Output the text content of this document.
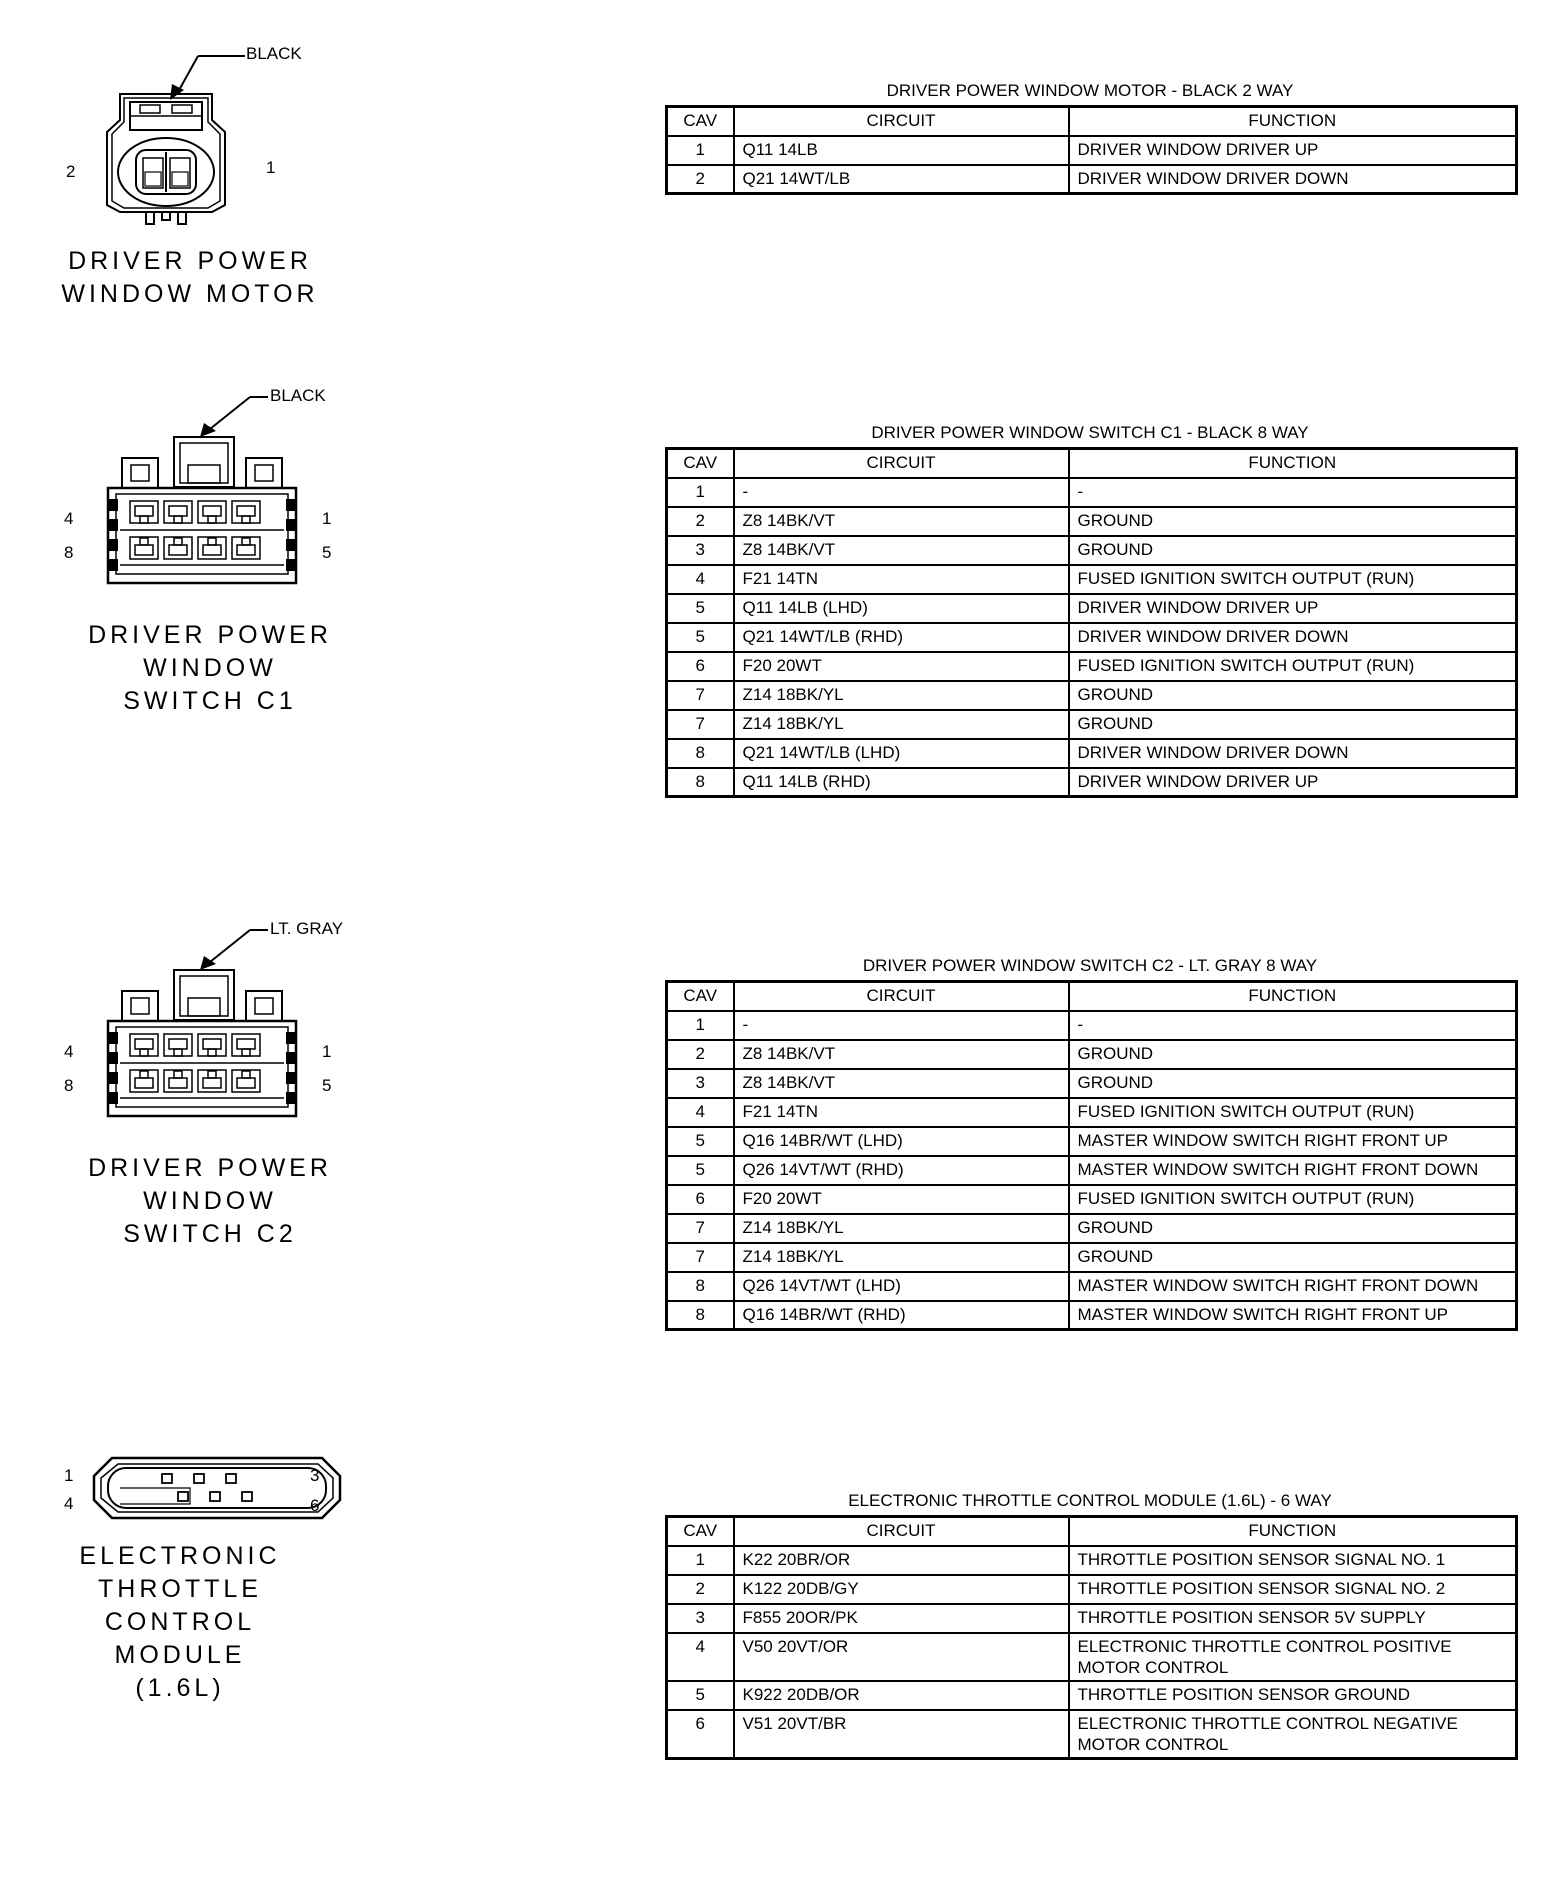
BLACK
2	1
DRIVER POWER
WINDOW MOTOR
BLACK
4
8
1
5
DRIVER POWER
WINDOW
SWITCH C1
LT. GRAY
4
8
1
5
DRIVER POWER
WINDOW
SWITCH C2
1
4
3
6
ELECTRONIC
THROTTLE
CONTROL
MODULE
(1.6L)
DRIVER POWER WINDOW MOTOR - BLACK 2 WAY
CAV	CIRCUIT	FUNCTION
1	Q11 14LB	DRIVER WINDOW DRIVER UP
2	Q21 14WT/LB	DRIVER WINDOW DRIVER DOWN
DRIVER POWER WINDOW SWITCH C1 - BLACK 8 WAY
CAV	CIRCUIT	FUNCTION
1	-	-
2	Z8 14BK/VT	GROUND
3	Z8 14BK/VT	GROUND
4	F21 14TN	FUSED IGNITION SWITCH OUTPUT (RUN)
5	Q11 14LB (LHD)	DRIVER WINDOW DRIVER UP
5	Q21 14WT/LB (RHD)	DRIVER WINDOW DRIVER DOWN
6	F20 20WT	FUSED IGNITION SWITCH OUTPUT (RUN)
7	Z14 18BK/YL	GROUND
7	Z14 18BK/YL	GROUND
8	Q21 14WT/LB (LHD)	DRIVER WINDOW DRIVER DOWN
8	Q11 14LB (RHD)	DRIVER WINDOW DRIVER UP
DRIVER POWER WINDOW SWITCH C2 - LT. GRAY 8 WAY
CAV	CIRCUIT	FUNCTION
1	-	-
2	Z8 14BK/VT	GROUND
3	Z8 14BK/VT	GROUND
4	F21 14TN	FUSED IGNITION SWITCH OUTPUT (RUN)
5	Q16 14BR/WT (LHD)	MASTER WINDOW SWITCH RIGHT FRONT UP
5	Q26 14VT/WT (RHD)	MASTER WINDOW SWITCH RIGHT FRONT DOWN
6	F20 20WT	FUSED IGNITION SWITCH OUTPUT (RUN)
7	Z14 18BK/YL	GROUND
7	Z14 18BK/YL	GROUND
8	Q26 14VT/WT (LHD)	MASTER WINDOW SWITCH RIGHT FRONT DOWN
8	Q16 14BR/WT (RHD)	MASTER WINDOW SWITCH RIGHT FRONT UP
ELECTRONIC THROTTLE CONTROL MODULE (1.6L) - 6 WAY
CAV	CIRCUIT	FUNCTION
1	K22 20BR/OR	THROTTLE POSITION SENSOR SIGNAL NO. 1
2	K122 20DB/GY	THROTTLE POSITION SENSOR SIGNAL NO. 2
3	F855 20OR/PK	THROTTLE POSITION SENSOR 5V SUPPLY
4	V50 20VT/OR	ELECTRONIC THROTTLE CONTROL POSITIVE MOTOR CONTROL
5	K922 20DB/OR	THROTTLE POSITION SENSOR GROUND
6	V51 20VT/BR	ELECTRONIC THROTTLE CONTROL NEGATIVE MOTOR CONTROL
